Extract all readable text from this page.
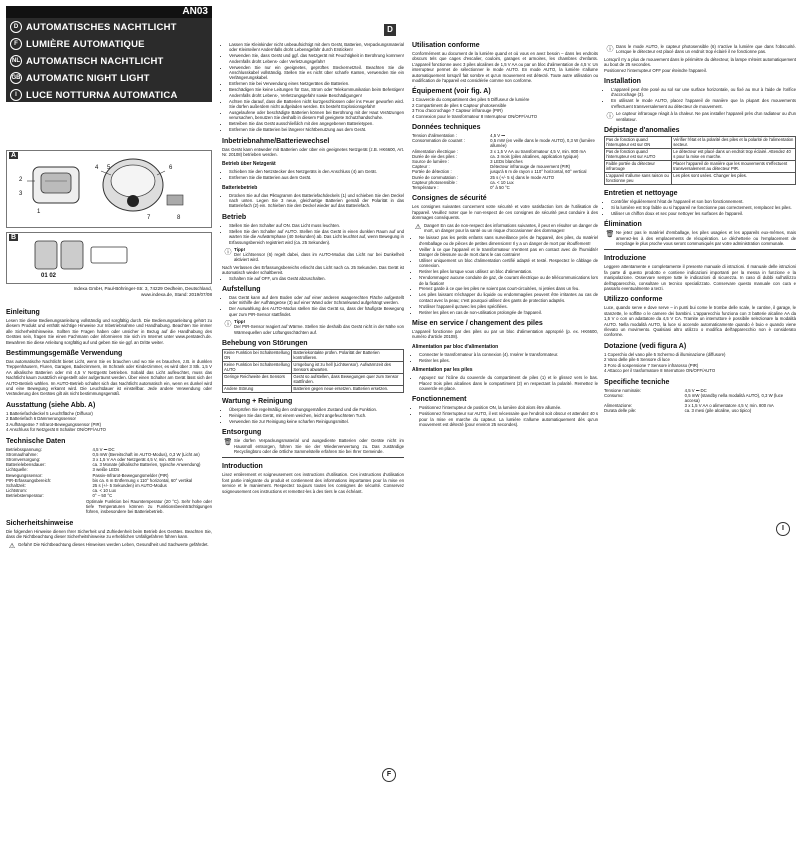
AN03
D AUTOMATISCHES NACHTLICHT
F LUMIÈRE AUTOMATIQUE
NL AUTOMATISCH NACHTLICHT
GB AUTOMATIC NIGHT LIGHT
I LUCE NOTTURNA AUTOMATICA
A
1
2
3
4 5	6
7	8
B
01 02
Indexa GmbH, Paul-Böhringer-Str. 3, 74229 Oedheim, Deutschland,
www.indexa.de, Stand: 2019/07/08
Einleitung

Lesen Sie diese Bedienungsanleitung vollständig und sorgfältig durch. Die Bedienungsanleitung gehört zu diesem Produkt und enthält wichtige Hinweise zur Inbetriebnahme und Handhabung. Beachten Sie immer alle Sicherheitshinweise. Sollten Sie Fragen haben oder unsicher in Bezug auf die Handhabung des Gerätes sein, fragen Sie einen Fachmann oder informieren Sie sich im Internet unter www.pentatech.de. Bewahren Sie diese Anleitung sorgfältig auf und geben Sie sie ggf. an Dritte weiter.

Bestimmungsgemäße Verwendung

Das automatische Nachtlicht bietet Licht, wenn Sie es brauchen und wo Sie es brauchen, z.B. in dunklen Treppenhäusern, Fluren, Garagen, Badezimmern, im Schrank oder Kinderzimmer, es wird über 3 Stk. 1,5 V AA alkalische Batterien oder mit 4,5 V Netzgerät betrieben. Sobald das Licht aufleuchtet, muss das Nachtlicht kaum zusätzlich eingestellt oder aufgeräumt werden. Über einen Schalter am Gerät lässt sich der AUTO-Betrieb wählen. Im AUTO-Betrieb schaltet sich das Nachtlicht automatisch ein, wenn es dunkel wird und eine Bewegung erkannt wird. Die Leuchtdauer ist einstellbar. Jede andere Verwendung oder Veränderung des Gerätes gilt als nicht bestimmungsgemäß.

Ausstattung (siehe Abb. A)

1 Batteriefachdeckel 5 Leuchtfläche (Diffusor)

2 Batteriefach 6 Dämmerungssensor

3 Aufhängeöse 7 Infrarot-Bewegungssensor (PIR)

4 Anschluss für Netzgerät 8 Schalter ON/OFF/AUTO

Technische Daten
Betriebsspannung:	4,5 V ⎓ DC
Stromaufnahme:	0,5 mW (Bereitschaft im AUTO-Modus), 0,3 W (Licht an)
Stromversorgung:	3 x 1,5 V AA oder Netzgerät 4,5 V, min. 800 mA
Batterielebensdauer:	ca. 3 Monate (alkalische Batterien, typische Anwendung)
Lichtquelle:	3 weiße LEDs
Bewegungssensor:	Passiv-Infrarot-Bewegungsmelder (PIR)
PIR-Erfassungsbereich:	bis ca. 6 m Entfernung x 110° horizontal, 60° vertikal
Schaltzeit:	25 s (+/- 5 Sekunden) im AUTO-Modus
Lichtstrom:	ca. < 10 Lux
Betriebstemperatur:	0° – 50 °C

Optimale Funktion bei Raumtemperatur (20 °C). Sehr hohe oder tiefe Temperaturen können zu Funktionsbeeinträchtigungen führen, insbesondere bei Batteriebetrieb.

Sicherheitshinweise

Die folgenden Hinweise dienen Ihrer Sicherheit und Zufriedenheit beim Betrieb des Gerätes. Beachten Sie, dass die Nichtbeachtung dieser Sicherheitshinweise zu erheblichen Unfallgefahren führen kann.

⚠ Gefahr! Die Nichtbeachtung dieses Hinweises werden Leben, Gesundheit und Sachwerte gefährdet.

• Lassen Sie Kleinkinder nicht unbeaufsichtigt mit dem Gerät, Batterien, Verpackungsmaterial oder Kleinteilen! Andernfalls droht Lebensgefahr durch Ersticken!
• Verwenden Sie, dass Gerät und ggf. das Netzgerät mit Feuchtigkeit in Berührung kommen! Andernfalls droht Lebens- oder Verletzungsgefahr!
• Verwenden Sie nur ein geeignetes, geprüftes Steckernetzteil. Beachten Sie die Anschlusskabel vollständig. Stellen Sie es nicht über scharfe Kanten, verwenden Sie ein Verlängerungskabel.
• Entfernen Sie bei Verwendung eines Netzgerätes die Batterien.
• Beschädigen Sie keine Leitungen für Gas, Strom oder Telekommunikation beim Befestigen! Andernfalls droht Lebens-, Verletzungsgefahr sowie Beschädigungen!
• Achten Sie darauf, dass die Batterien nicht kurzgeschlossen oder ins Feuer geworfen wird. Sie dürfen außerdem nicht aufgeladen werden. Es besteht Explosionsgefahr!
• Ausgelaufene oder beschädigte Batterien können bei Berührung mit der Haut Verätzungen verursachen, benutzen Sie deshalb in diesem Fall geeignete Schutzhandschuhe.
• Betreiben Sie das Gerät ausschließlich mit den angegebenen Batterietypen.
• Entfernen Sie die Batterien bei längerer Nichtbenutzung aus dem Gerät.
Inbetriebnahme/Batteriewechsel

Das Gerät kann entweder mit Batterien oder über ein geeignetes Netzgerät (z.B. HK6600, Art. Nr. 20108) betrieben werden.

Betrieb über Netzgerät
• Schieben Sie den Netzstecker des Netzgeräts in den Anschluss (4) am Gerät.
• Entfernen Sie die Batterien aus dem Gerät.
Batteriebetrieb
• Drücken Sie auf das Piktogramm des Batteriefachdeckels (1) und schieben Sie den Deckel nach unten. Legen Sie 3 neue, gleichartige Batterien gemäß der Polarität in das Batteriefach (2) ein. Schieben Sie den Deckel wieder auf das Batteriefach.
Betrieb
• Stellen Sie den Schalter auf ON. Das Licht muss leuchten.
• Stellen Sie den Schalter auf AUTO. Stellen Sie das Gerät in einen dunklen Raum auf und warten Sie die Aufwärmphase (40 Sekunden) ab. Das Licht leuchtet auf, wenn Bewegung in Erfassungsbereich registriert wird (ca. 25 Sekunden).
ⓘ Tipp!

Der Lichtsensor (6) regelt dabei, dass im AUTO-Modus das Licht nur bei Dunkelheit aktiviert wird.

Nach Verlassen des Erfassungsbereichs erlischt das Licht nach ca. 25 Sekunden. Das Gerät ist automatisch wieder schaltbereit.

• Schalten Sie auf OFF, um das Gerät abzuschalten.
Aufstellung
• Das Gerät kann auf dem Boden oder auf einer anderen waagerechten Fläche aufgestellt oder mithilfe der Aufhängeöse (3) auf einer Wand oder Schrankwand aufgehängt werden.
• Der Auswahlung des AUTO-Modus stellen Sie das Gerät so, dass der häufigste Bewegung quer zum PIR-Sensor stattfindet.
ⓘ Tipp!

Der PIR-Sensor reagiert auf Wärme. Stellen Sie deshalb das Gerät nicht in der Nähe von Wärmequellen oder Lüftungsschächten auf.

Behebung von Störungen
Keine Funktion bei Schalterstellung ON	Batteriekontakte prüfen. Polarität der Batterien kontrollieren.
Keine Funktion bei Schalterstellung AUTO	Umgebung ist zu hell (Lichtsensor). Aufwärmzeit des Sensors abwarten.
Geringe Reichweite des Sensors	Gerät so aufstellen, dass Bewegungen quer zum Sensor stattfinden.
Andere Störung	Batterien gegen neue ersetzen. Batterien ersetzen.
Wartung + Reinigung
• Überprüfen Sie regelmäßig den ordnungsgemäßen Zustand und die Funktion.
• Reinigen Sie das Gerät, mit einem weichen, leicht angefeuchteten Tuch.
• Verwenden Sie zur Reinigung keine scharfen Reinigungsmittel.
Entsorgung
🗑 Sie dürfen Verpackungsmaterial und ausgediente Batterien oder Geräte nicht im Hausmüll entsorgen, führen Sie sie der Wiederverwertung zu. Das zuständige Recyclingbüro oder die örtliche Sammelstelle erfahren Sie bei Ihrer Gemeinde.

Introduction

Lisez entièrement et soigneusement ces instructions d'utilisation. Ces instructions d'utilisation font partie intégrante du produit et contiennent des informations importantes pour la mise en service et le maniement. Respectez toujours toutes les consignes de sécurité. Conservez soigneusement ces instructions et remettez-les à des tiers le cas échéant.

D
F
Utilisation conforme

Conformément au document de la lumière quand et où vous en avez besoin – dans les endroits obscurs tels que cages d'escalier, couloirs, garages et armoires, les chambres d'enfants. L'appareil fonctionne avec 3 piles alcalines de 1,5 V AA ou par un bloc d'alimentation de 4,5 V. Un interrupteur permet de sélectionner le mode AUTO. En mode AUTO, la lumière s'allume automatiquement lorsqu'il fait sombre et qu'un mouvement est détecté. Toute autre utilisation ou modification de l'appareil est considérée comme non conforme.

Équipement (voir fig. A)

1 Couvercle du compartiment des piles 5 Diffuseur de lumière

2 Compartiment de piles 6 Capteur photosensible

3 Trou d'accrochage 7 Capteur infrarouge (PIR)

4 Connexion pour le transformateur 8 Interrupteur ON/OFF/AUTO

Données techniques
Tension d'alimentation :	4,5 V ⎓
Consommation de courant :	0,5 mW (en veille dans le mode AUTO), 0,3 W (lumière allumée)
Alimentation électrique :	3 x 1,5 V AA ou transformateur 4,5 V, min. 800 mA
Durée de vie des piles :	ca. 3 mois (piles alcalines, application typique)
Source de lumière :	3 LEDs blanches
Capteur :	Détecteur infrarouge de mouvement (PIR)
Portée de détection :	jusqu'à 6 m de rayon x 110° horizontal, 60° vertical
Durée de commutation :	25 s (+/- 5 s) dans le mode AUTO
Capteur photosensible :	ca. < 10 Lux
Température :	0° à 50 °C
Consignes de sécurité

Les consignes suivantes concernent votre sécurité et votre satisfaction lors de l'utilisation de l'appareil. Veuillez noter que le non-respect de ces consignes de sécurité peut conduire à des dommages conséquents.

⚠ Danger! En cas de non-respect des informations suivantes, il peut en résulter un danger de mort, un danger pour la santé ou un risque d'occasionner des dommages!

• Ne laissez pas les petits enfants sans surveillance près de l'appareil, des piles, du matériel d'emballage ou de pièces de petites dimensions! Il y a un danger de mort par étouffement!
• Veiller à ce que l'appareil et le transformateur n'entrent pas en contact avec de l'humidité! Danger de blessure ou de mort dans le cas contraire!
• Utiliser uniquement un bloc d'alimentation certifié adapté et testé. Respectez le câblage de connexion.
• Retirer les piles lorsque vous utilisez un bloc d'alimentation.
• N'endommagez aucune conduite de gaz, de courant électrique ou de télécommunications lors de la fixation!
• Prenez garde à ce que les piles ne soient pas court-circuitées, ni jetées dans un feu.
• Les piles laissant s'échapper du liquide ou endommagées peuvent être irritantes au cas de contact avec la peau; c'est pourquoi utilisez des gants de protection adaptés.
• N'utiliser l'appareil qu'avec les piles spécifiées.
• Retirer les piles en cas de non-utilisation prolongée de l'appareil.
Mise en service / changement des piles

L'appareil fonctionne par des piles ou par un bloc d'alimentation approprié (p. ex. HK6600, numéro d'article 20108).

Alimentation par bloc d'alimentation
• Connecter le transformateur à la connexion (4). Insérer le transformateur.
• Retirer les piles.
Alimentation par les piles
• Appuyez sur l'icône du couvercle du compartiment de piles (1) et le glissez vers le bas. Placez trois piles alcalines dans le compartiment (2) en respectant la polarité. Remettez le couvercle en place.
Fonctionnement
• Positionnez l'interrupteur de position ON, la lumière doit alors être allumée.
• Positionnez l'interrupteur sur AUTO, il est nécessaire que l'endroit soit obscur et attendez 40 s pour la mise en marche du capteur. La lumière s'allume automatiquement dès qu'un mouvement est détecté (pour environ 25 secondes).
ⓘ Dans le mode AUTO, le capteur photosensible (6) n'active la lumière que dans l'obscurité. Lorsque le détecteur est placé dans un endroit trop éclairé il ne fonctionne pas.

Lorsqu'il n'y a plus de mouvement dans le périmètre du détecteur, la lampe s'éteint automatiquement au bout de 25 secondes.

Positionnez l'interrupteur OFF pour éteindre l'appareil.

Installation
• L'appareil peut être posé au sol sur une surface horizontale, ou fixé au mur à l'aide de l'orifice d'accrochage (3).
• En utilisant le mode AUTO, placez l'appareil de manière que la plupart des mouvements s'effectuent transversalement au détecteur de mouvement.
ⓘ Le capteur infrarouge réagit à la chaleur. Ne pas installer l'appareil près d'un radiateur ou d'un ventilateur.

Dépistage d'anomalies
Pas de fonction quand l'interrupteur est sur ON	Vérifier l'état et la polarité des piles et la polarité de l'alimentation secteur.
Pas de fonction quand l'interrupteur est sur AUTO	Le détecteur est placé dans un endroit trop éclairé. Attendez 40 s pour la mise en marche.
Faible portée du détecteur infrarouge	Placer l'appareil de manière que les mouvements s'effectuent transversalement au détecteur PIR.
L'appareil s'allume sans raison ou fonctionne peu	Les piles sont usées. Changer les piles.
Entretien et nettoyage
• Contrôler régulièrement l'état de l'appareil et son bon fonctionnement.
• Si la lumière est trop faible ou si l'appareil ne fonctionne pas correctement, remplacez les piles.
• Utiliser un chiffon doux et sec pour nettoyer les surfaces de l'appareil.
Élimination
🗑 Ne jetez pas le matériel d'emballage, les piles usagées et les appareils eux-mêmes, mais amenez-les à des emplacements de récupération. Le déchetterie ou l'emplacement de recyclage le plus proche vous seront communiqués par votre administration communale.

Introduzione

Leggere attentamente e completamente il presente manuale di istruzioni. Il manuale delle istruzioni fa parte di questo prodotto e contiene indicazioni importanti per la messa in funzione e la manipolazione. Osservare sempre tutte le indicazioni di sicurezza. In caso di dubbi sull'utilizzo dell'apparecchio, consultare un tecnico specializzato. Conservare questo manuale con cura e passarlo eventualmente a terzi.

Utilizzo conforme

Luce, quando serve e dove serve – in punti bui come le trombe delle scale, le cantine, il garage, le stanzette, le soffitte o le camere dei bambini. L'apparecchio funziona con 3 batterie alcaline AA da 1,5 V o con un adattatore da 4,5 V CA. Tramite un interruttore è possibile selezionare la modalità AUTO. Nella modalità AUTO, la luce si accende automaticamente quando è buio e quando viene rilevato un movimento. Qualsiasi altro utilizzo o modifica dell'apparecchio non è considerato conforme.

Dotazione (vedi figura A)

1 Coperchio del vano pile 5 Schermo di illuminazione (diffusore)

2 Vano delle pile 6 Sensore di luce

3 Foro di sospensione 7 Sensore infrarosso (PIR)

4 Attacco per il trasformatore 8 Interruttore ON/OFF/AUTO

Specifiche tecniche
Tensione nominale:	4,5 V ⎓ DC
Consumo:	0,5 mW (standby nella modalità AUTO), 0,3 W (luce accesa)
Alimentazione:	3 x 1,5 V AA o alimentatore 4,5 V, min. 800 mA
Durata delle pile:	ca. 3 mesi (pile alcaline, uso tipico)
I
